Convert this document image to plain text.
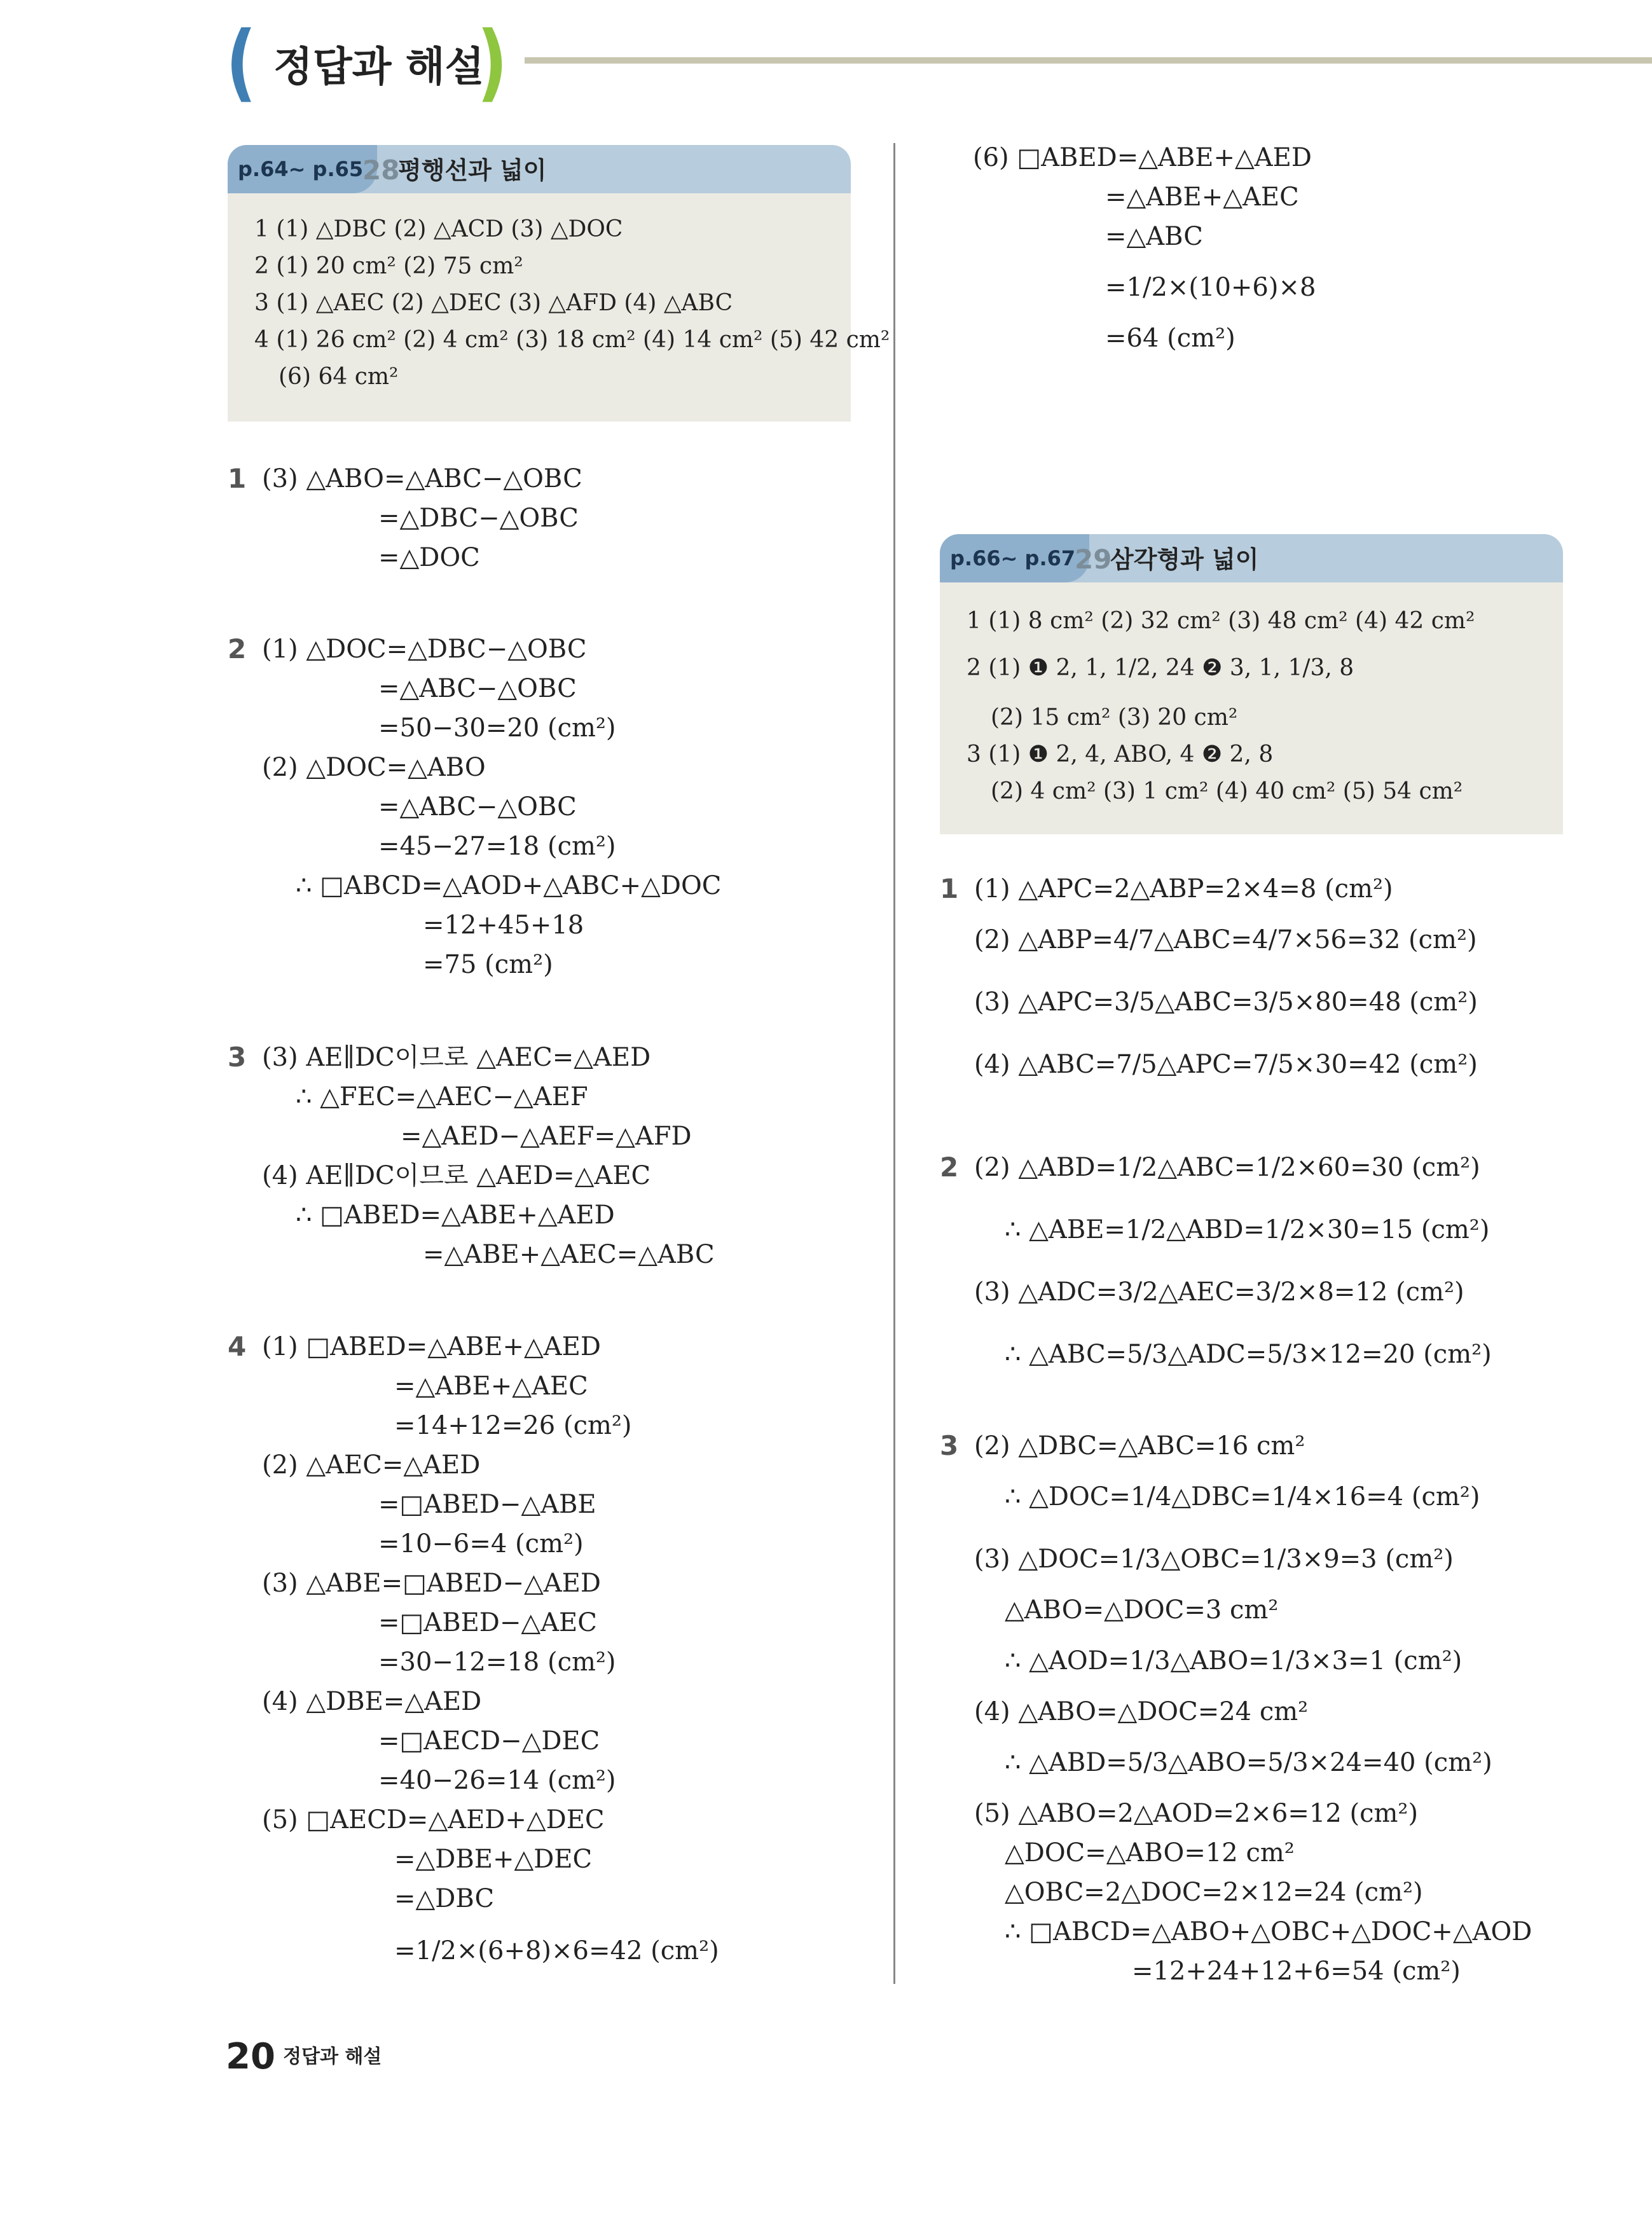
( 정답과 해설
)
p.64~ p.65
28
평행선과 넓이
1 (1) △DBC (2) △ACD (3) △DOC
2 (1) 20 cm² (2) 75 cm²
3 (1) △AEC (2) △DEC (3) △AFD (4) △ABC
4 (1) 26 cm² (2) 4 cm² (3) 18 cm² (4) 14 cm² (5) 42 cm²
(6) 64 cm²
1 (3) △ABO=△ABC−△OBC
=△DBC−△OBC
=△DOC
2 (1) △DOC=△DBC−△OBC
=△ABC−△OBC
=50−30=20 (cm²)
(2) △DOC=△ABO
=△ABC−△OBC
=45−27=18 (cm²)
∴ □ABCD=△AOD+△ABC+△DOC
=12+45+18
=75 (cm²)
3 (3) AE∥DC이므로 △AEC=△AED
∴ △FEC=△AEC−△AEF
=△AED−△AEF=△AFD
(4) AE∥DC이므로 △AED=△AEC
∴ □ABED=△ABE+△AED
=△ABE+△AEC=△ABC
4 (1) □ABED=△ABE+△AED
=△ABE+△AEC
=14+12=26 (cm²)
(2) △AEC=△AED
=□ABED−△ABE
=10−6=4 (cm²)
(3) △ABE=□ABED−△AED
=□ABED−△AEC
=30−12=18 (cm²)
(4) △DBE=△AED
=□AECD−△DEC
=40−26=14 (cm²)
(5) □AECD=△AED+△DEC
=△DBE+△DEC
=△DBC
=1/2×(6+8)×6=42 (cm²)
(6) □ABED=△ABE+△AED
=△ABE+△AEC
=△ABC
=1/2×(10+6)×8
=64 (cm²)
p.66~ p.67
29
삼각형과 넓이
1 (1) 8 cm² (2) 32 cm² (3) 48 cm² (4) 42 cm²
2 (1) ❶ 2, 1, 1/2, 24 ❷ 3, 1, 1/3, 8
(2) 15 cm² (3) 20 cm²
3 (1) ❶ 2, 4, ABO, 4 ❷ 2, 8
(2) 4 cm² (3) 1 cm² (4) 40 cm² (5) 54 cm²
1 (1) △APC=2△ABP=2×4=8 (cm²)
(2) △ABP=4/7△ABC=4/7×56=32 (cm²)
(3) △APC=3/5△ABC=3/5×80=48 (cm²)
(4) △ABC=7/5△APC=7/5×30=42 (cm²)
2 (2) △ABD=1/2△ABC=1/2×60=30 (cm²)
∴ △ABE=1/2△ABD=1/2×30=15 (cm²)
(3) △ADC=3/2△AEC=3/2×8=12 (cm²)
∴ △ABC=5/3△ADC=5/3×12=20 (cm²)
3 (2) △DBC=△ABC=16 cm²
∴ △DOC=1/4△DBC=1/4×16=4 (cm²)
(3) △DOC=1/3△OBC=1/3×9=3 (cm²)
△ABO=△DOC=3 cm²
∴ △AOD=1/3△ABO=1/3×3=1 (cm²)
(4) △ABO=△DOC=24 cm²
∴ △ABD=5/3△ABO=5/3×24=40 (cm²)
(5) △ABO=2△AOD=2×6=12 (cm²)
△DOC=△ABO=12 cm²
△OBC=2△DOC=2×12=24 (cm²)
∴ □ABCD=△ABO+△OBC+△DOC+△AOD
=12+24+12+6=54 (cm²)
20 정답과 해설
